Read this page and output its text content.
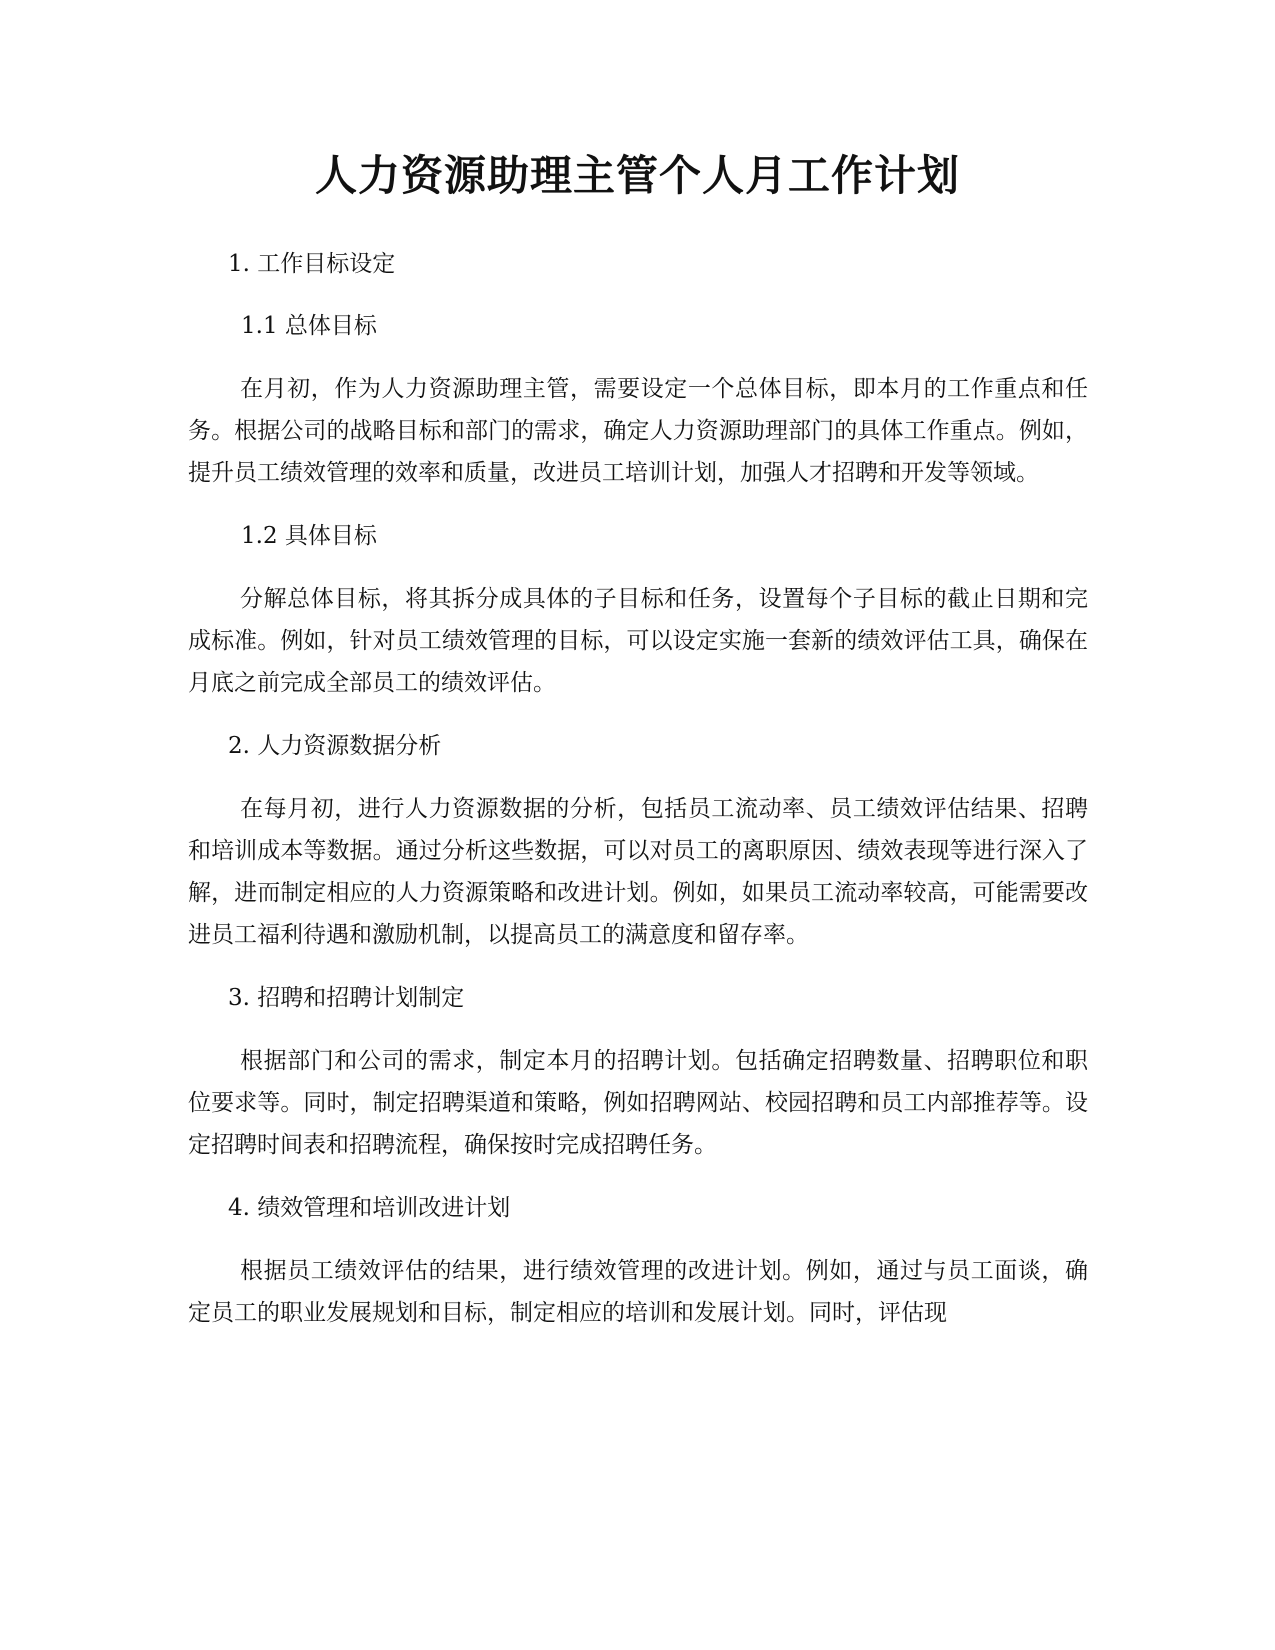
人力资源助理主管个人月工作计划
1. 工作目标设定
1.1 总体目标

在月初，作为人力资源助理主管，需要设定一个总体目标，即本月的工作重点和任务。根据公司的战略目标和部门的需求，确定人力资源助理部门的具体工作重点。例如，提升员工绩效管理的效率和质量，改进员工培训计划，加强人才招聘和开发等领域。

1.2 具体目标

分解总体目标，将其拆分成具体的子目标和任务，设置每个子目标的截止日期和完成标准。例如，针对员工绩效管理的目标，可以设定实施一套新的绩效评估工具，确保在月底之前完成全部员工的绩效评估。

2. 人力资源数据分析

在每月初，进行人力资源数据的分析，包括员工流动率、员工绩效评估结果、招聘和培训成本等数据。通过分析这些数据，可以对员工的离职原因、绩效表现等进行深入了解，进而制定相应的人力资源策略和改进计划。例如，如果员工流动率较高，可能需要改进员工福利待遇和激励机制，以提高员工的满意度和留存率。

3. 招聘和招聘计划制定

根据部门和公司的需求，制定本月的招聘计划。包括确定招聘数量、招聘职位和职位要求等。同时，制定招聘渠道和策略，例如招聘网站、校园招聘和员工内部推荐等。设定招聘时间表和招聘流程，确保按时完成招聘任务。

4. 绩效管理和培训改进计划

根据员工绩效评估的结果，进行绩效管理的改进计划。例如，通过与员工面谈，确定员工的职业发展规划和目标，制定相应的培训和发展计划。同时，评估现
